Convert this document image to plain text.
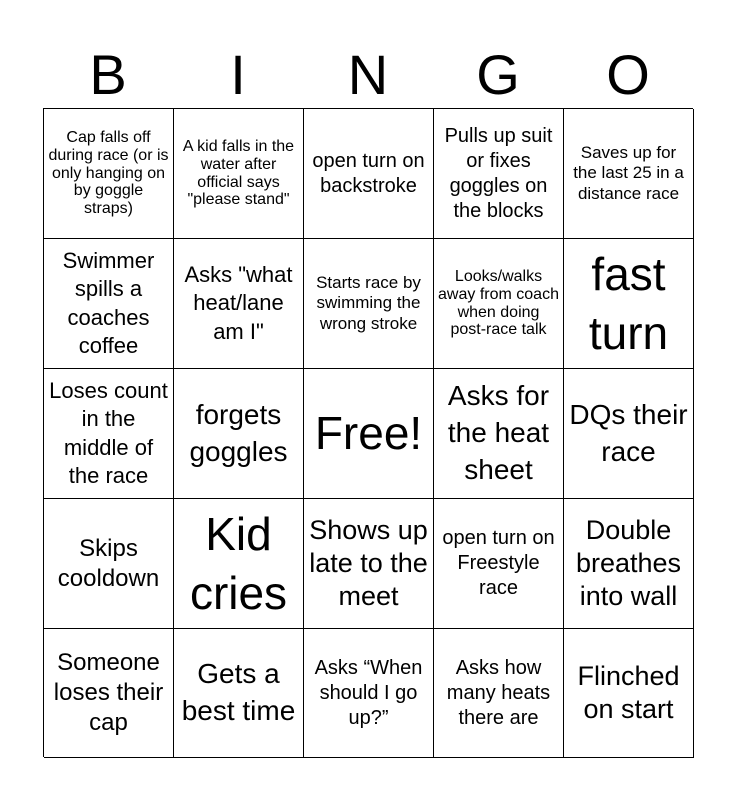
B	I	N	G	O
Cap falls off during race (or is only hanging on by goggle straps)
A kid falls in the water after official says "please stand"
open turn on backstroke
Pulls up suit or fixes goggles on the blocks
Saves up for the last 25 in a distance race
Swimmer spills a coaches coffee
Asks "what heat/lane am I"
Starts race by swimming the wrong stroke
Looks/walks away from coach when doing post-race talk
fast turn
Loses count in the middle of the race
forgets goggles Free!
Asks for the heat sheet
DQs their race
Skips cooldown
Kid cries
Shows up late to the meet
open turn on Freestyle race
Double breathes into wall
Someone loses their cap
Gets a best time
Asks “When should I go up?”
Asks how many heats there are
Flinched on start
